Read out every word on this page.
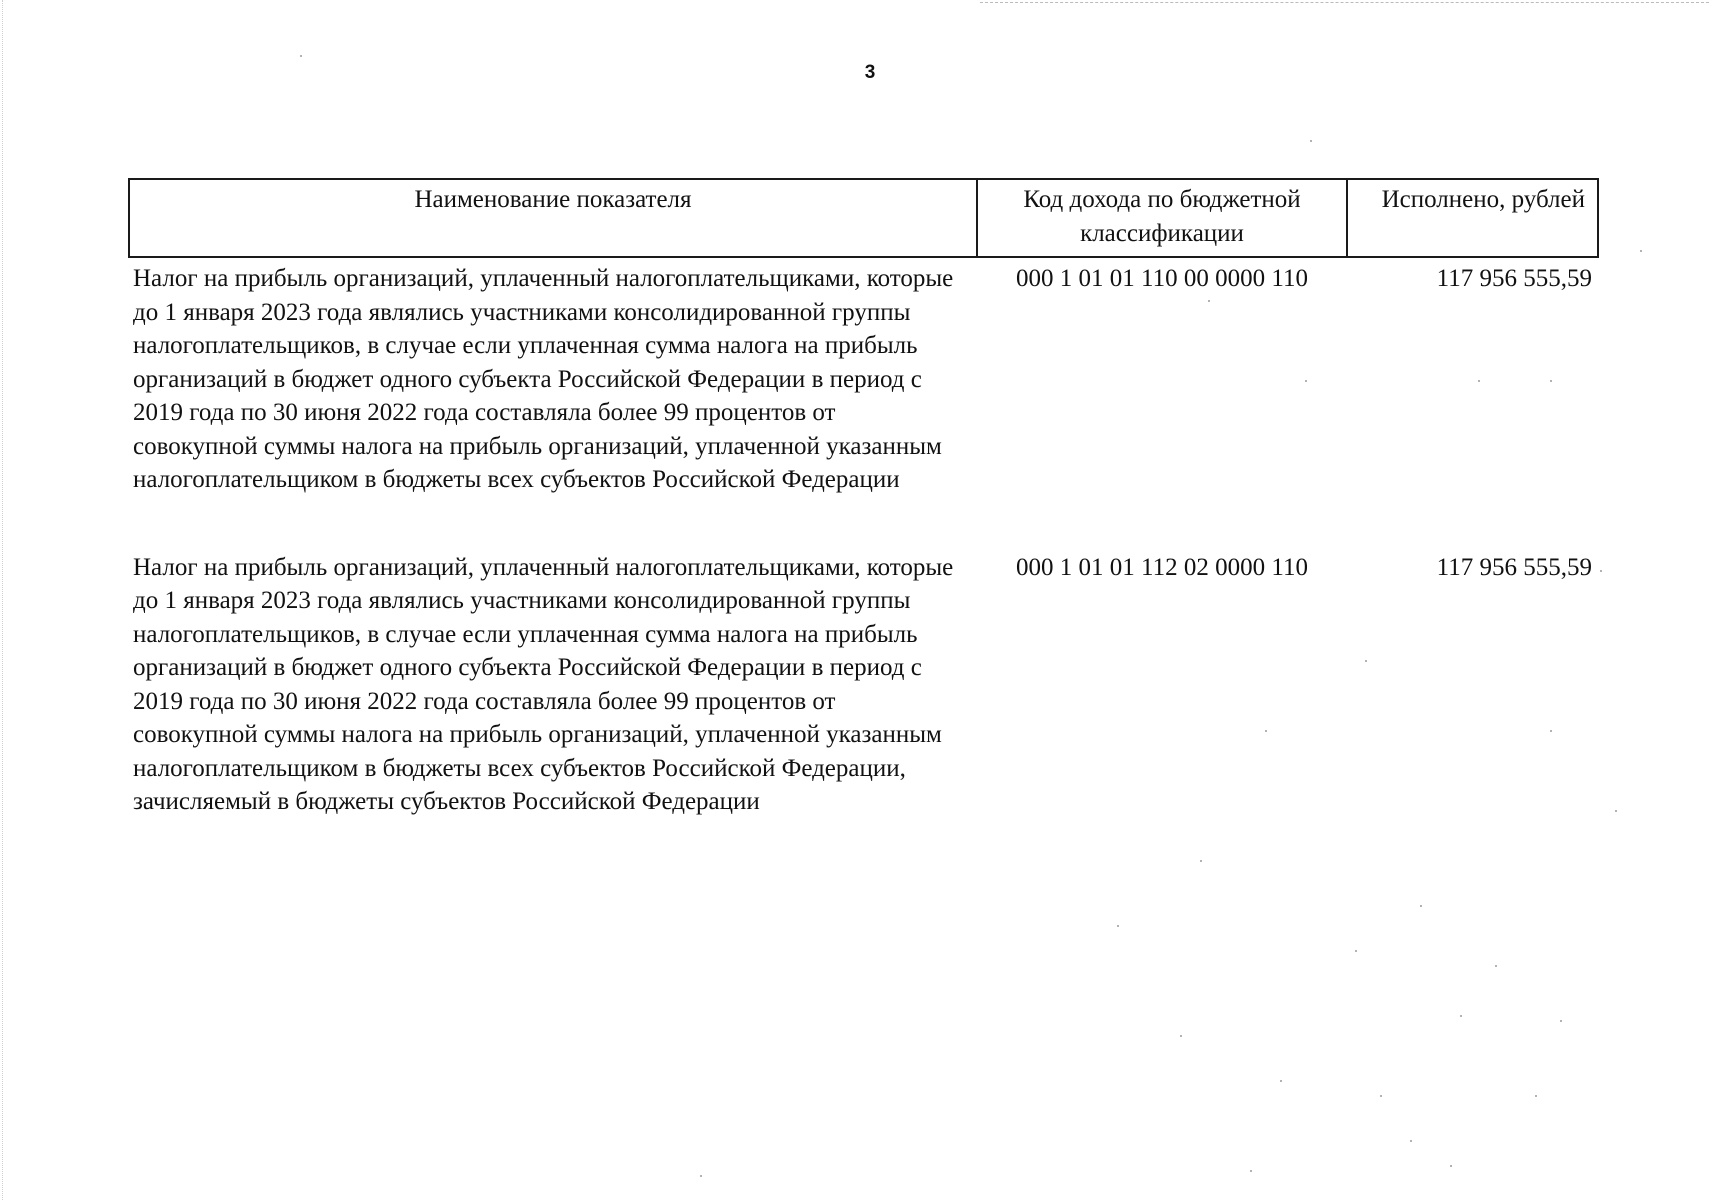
3
Наименование показателя	Код дохода по бюджетной классификации	Исполнено, рублей
Налог на прибыль организаций, уплаченный налогоплательщиками, которые до 1 января 2023 года являлись участниками консолидированной группы налогоплательщиков, в случае если уплаченная сумма налога на прибыль организаций в бюджет одного субъекта Российской Федерации в период с 2019 года по 30 июня 2022 года составляла более 99 процентов от совокупной суммы налога на прибыль организаций, уплаченной указанным налогоплательщиком в бюджеты всех субъектов Российской Федерации	000 1 01 01 110 00 0000 110	117 956 555,59
Налог на прибыль организаций, уплаченный налогоплательщиками, которые до 1 января 2023 года являлись участниками консолидированной группы налогоплательщиков, в случае если уплаченная сумма налога на прибыль организаций в бюджет одного субъекта Российской Федерации в период с 2019 года по 30 июня 2022 года составляла более 99 процентов от совокупной суммы налога на прибыль организаций, уплаченной указанным налогоплательщиком в бюджеты всех субъектов Российской Федерации, зачисляемый в бюджеты субъектов Российской Федерации	000 1 01 01 112 02 0000 110	117 956 555,59
